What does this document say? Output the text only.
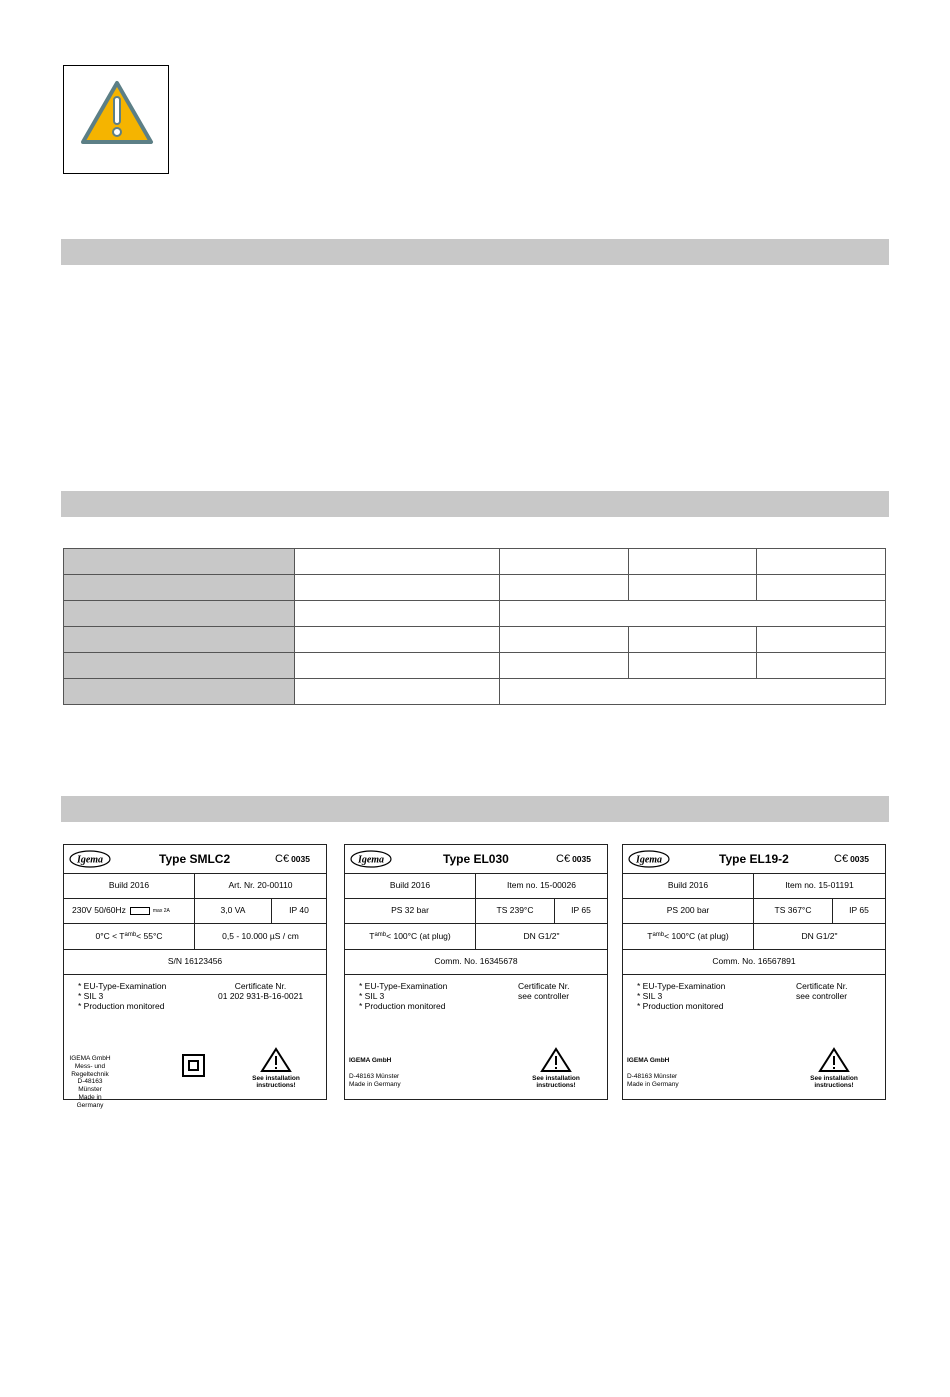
Igema	Type SMLC2	C€ 0035
Build 2016	Art. Nr. 20-00110
230V 50/60Hz	max 2A	3,0 VA	IP 40
0°C < T amb < 55°C	0,5 - 10.000 µS / cm
S/N 16123456
* EU-Type-Examination
* SIL 3
* Production monitored
Certificate Nr.
01 202 931-B-16-0021
IGEMA GmbH
Mess- und
Regeltechnik
D-48163 Münster
Made in Germany
See installation
instructions!
Igema	Type EL030	C€ 0035
Build 2016	Item no. 15-00026
PS 32 bar	TS 239°C	IP 65
T amb < 100°C (at plug)	DN G1/2"
Comm. No. 16345678
* EU-Type-Examination
* SIL 3
* Production monitored
Certificate Nr.
see controller
IGEMA GmbH
D-48163 Münster
Made in Germany
See installation
instructions!
Igema	Type EL19-2	C€ 0035
Build 2016	Item no. 15-01191
PS 200 bar	TS 367°C	IP 65
T amb < 100°C (at plug)	DN G1/2"
Comm. No. 16567891
* EU-Type-Examination
* SIL 3
* Production monitored
Certificate Nr.
see controller
IGEMA GmbH
D-48163 Münster
Made in Germany
See installation
instructions!
